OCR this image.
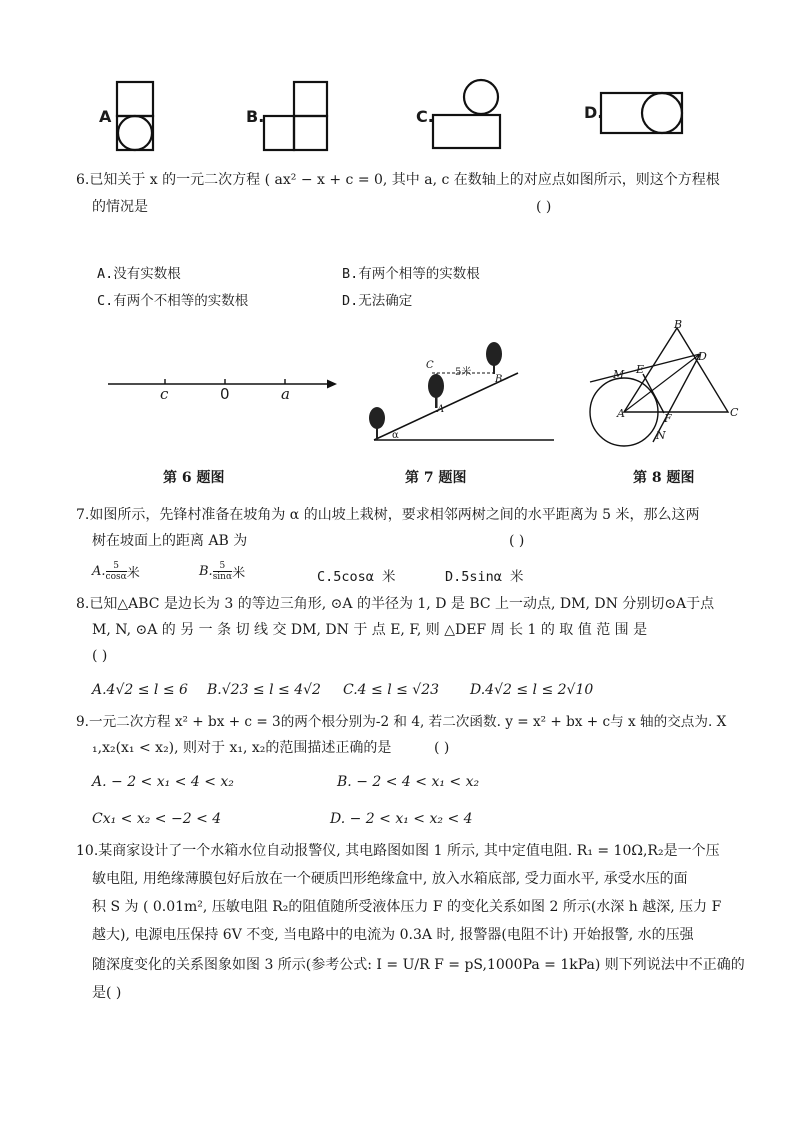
A	B.	C.	D.
6.已知关于 x 的一元二次方程 ( ax² − x + c = 0, 其中 a, c 在数轴上的对应点如图所示，则这个方程根
的情况是	( )
A.没有实数根	B.有两个相等的实数根
C.有两个不相等的实数根	D.无法确定
c	0	a
第 6 题图
C
5米
B
A
α
第 7 题图
B
E
D
M
A	F	C
N
第 8 题图
7.如图所示，先锋村准备在坡角为 α 的山坡上栽树，要求相邻两树之间的水平距离为 5 米，那么这两
树在坡面上的距离 AB 为	( )
A. $\frac{5}{\cos\alpha}$ 米	B. $\frac{5}{\sin\alpha}$ 米	C.5cosα 米	D.5sinα 米
8.已知△ABC 是边长为 3 的等边三角形, ⊙A 的半径为 1, D 是 BC 上一动点, DM, DN 分别切⊙A于点
M, N, ⊙A 的 另 一 条 切 线 交 DM, DN 于 点 E, F, 则 △DEF 周 长 1 的 取 值 范 围 是
( )
A.4√2 ≤ l ≤ 6 B.√23 ≤ l ≤ 4√2 C.4 ≤ l ≤ √23 D.4√2 ≤ l ≤ 2√10
9.一元二次方程 x² + bx + c = 3的两个根分别为-2 和 4, 若二次函数. y = x² + bx + c与 x 轴的交点为. X
₁,x₂(x₁ < x₂), 则对于 x₁, x₂的范围描述正确的是	( )
A. − 2 < x₁ < 4 < x₂	B. − 2 < 4 < x₁ < x₂
Cx₁ < x₂ < −2 < 4	D. − 2 < x₁ < x₂ < 4
10.某商家设计了一个水箱水位自动报警仪, 其电路图如图 1 所示, 其中定值电阻. R₁ = 10Ω,R₂是一个压
敏电阻, 用绝缘薄膜包好后放在一个硬质凹形绝缘盒中, 放入水箱底部, 受力面水平, 承受水压的面
积 S 为 ( 0.01m², 压敏电阻 R₂的阻值随所受液体压力 F 的变化关系如图 2 所示(水深 h 越深, 压力 F
越大), 电源电压保持 6V 不变, 当电路中的电流为 0.3A 时, 报警器(电阻不计) 开始报警, 水的压强
随深度变化的关系图象如图 3 所示(参考公式: I = U/R F = pS,1000Pa = 1kPa) 则下列说法中不正确的
是( )
